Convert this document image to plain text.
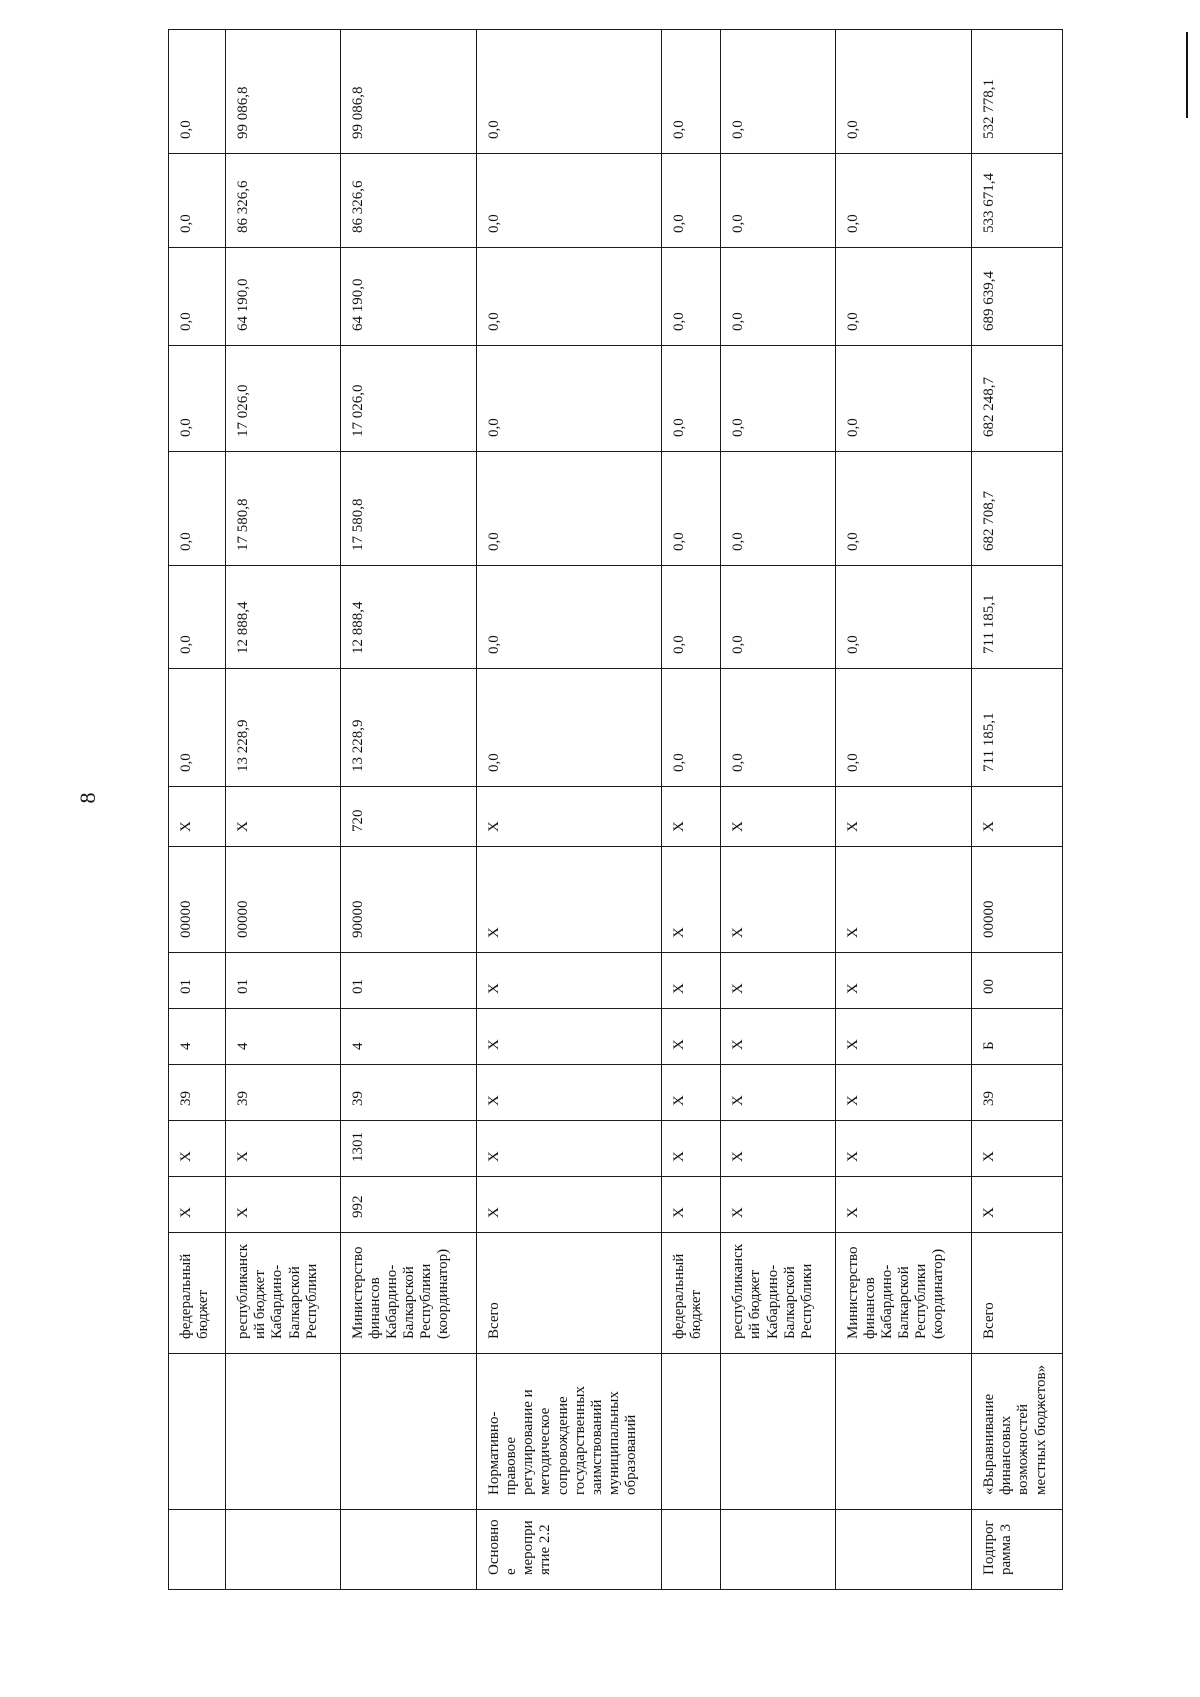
8
		федеральный бюджет	Х	Х	39	4	01	00000	Х	0,0	0,0	0,0	0,0	0,0	0,0	0,0
		республиканский бюджет Кабардино-Балкарской Республики	Х	Х	39	4	01	00000	Х	13 228,9	12 888,4	17 580,8	17 026,0	64 190,0	86 326,6	99 086,8
		Министерство финансов Кабардино-Балкарской Республики (координатор)	992	1301	39	4	01	90000	720	13 228,9	12 888,4	17 580,8	17 026,0	64 190,0	86 326,6	99 086,8
Основное мероприятие 2.2	Нормативно-правовое регулирование и методическое сопровождение государственных заимствований муниципальных образований	Всего	Х	Х	Х	Х	Х	Х	Х	0,0	0,0	0,0	0,0	0,0	0,0	0,0
		федеральный бюджет	Х	Х	Х	Х	Х	Х	Х	0,0	0,0	0,0	0,0	0,0	0,0	0,0
		республиканский бюджет Кабардино-Балкарской Республики	Х	Х	Х	Х	Х	Х	Х	0,0	0,0	0,0	0,0	0,0	0,0	0,0
		Министерство финансов Кабардино-Балкарской Республики (координатор)	Х	Х	Х	Х	Х	Х	Х	0,0	0,0	0,0	0,0	0,0	0,0	0,0
Подпрограмма 3	«Выравнивание финансовых возможностей местных бюджетов»	Всего	Х	Х	39	Б	00	00000	Х	711 185,1	711 185,1	682 708,7	682 248,7	689 639,4	533 671,4	532 778,1
